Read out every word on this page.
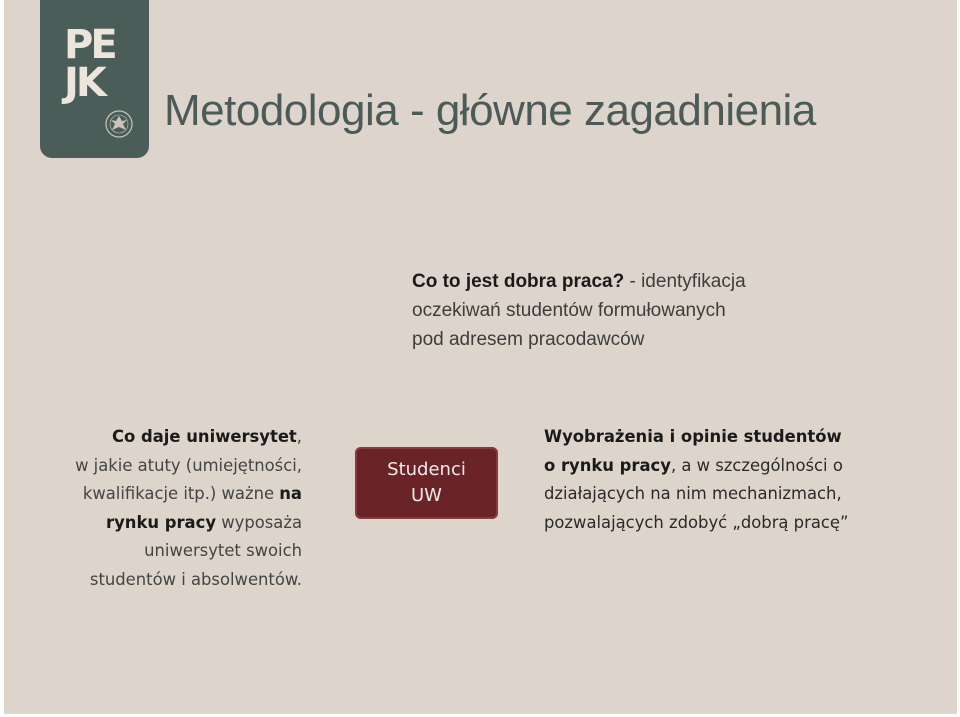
PE
JK
Metodologia - główne zagadnienia
Co to jest dobra praca? - identyfikacja
oczekiwań studentów formułowanych
pod adresem pracodawców
Co daje uniwersytet,
w jakie atuty (umiejętności,
kwalifikacje itp.) ważne na
rynku pracy wyposaża
uniwersytet swoich
studentów i absolwentów.
Studenci
UW
Wyobrażenia i opinie studentów
o rynku pracy, a w szczególności o
działających na nim mechanizmach,
pozwalających zdobyć „dobrą pracę”
